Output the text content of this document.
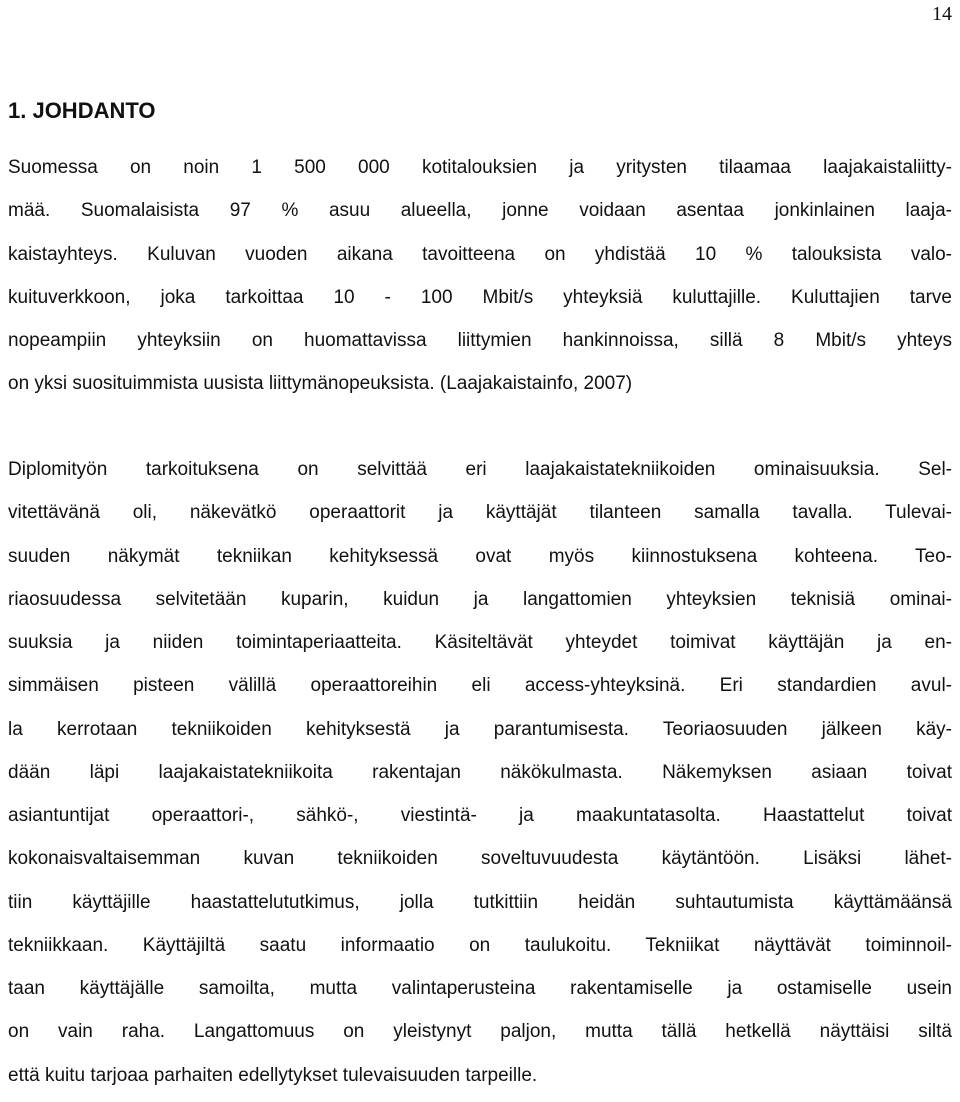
14
1. JOHDANTO
Suomessa on noin 1 500 000 kotitalouksien ja yritysten tilaamaa laajakaistaliitty-
mää. Suomalaisista 97 % asuu alueella, jonne voidaan asentaa jonkinlainen laaja-
kaistayhteys. Kuluvan vuoden aikana tavoitteena on yhdistää 10 % talouksista valo-
kuituverkkoon, joka tarkoittaa 10 - 100 Mbit/s yhteyksiä kuluttajille. Kuluttajien tarve
nopeampiin yhteyksiin on huomattavissa liittymien hankinnoissa, sillä 8 Mbit/s yhteys
on yksi suosituimmista uusista liittymänopeuksista. (Laajakaistainfo, 2007)
Diplomityön tarkoituksena on selvittää eri laajakaistatekniikoiden ominaisuuksia. Sel-
vitettävänä oli, näkevätkö operaattorit ja käyttäjät tilanteen samalla tavalla. Tulevai-
suuden näkymät tekniikan kehityksessä ovat myös kiinnostuksena kohteena. Teo-
riaosuudessa selvitetään kuparin, kuidun ja langattomien yhteyksien teknisiä ominai-
suuksia ja niiden toimintaperiaatteita. Käsiteltävät yhteydet toimivat käyttäjän ja en-
simmäisen pisteen välillä operaattoreihin eli access-yhteyksinä. Eri standardien avul-
la kerrotaan tekniikoiden kehityksestä ja parantumisesta. Teoriaosuuden jälkeen käy-
dään läpi laajakaistatekniikoita rakentajan näkökulmasta. Näkemyksen asiaan toivat
asiantuntijat operaattori-, sähkö-, viestintä- ja maakuntatasolta. Haastattelut toivat
kokonaisvaltaisemman kuvan tekniikoiden soveltuvuudesta käytäntöön. Lisäksi lähet-
tiin käyttäjille haastattelututkimus, jolla tutkittiin heidän suhtautumista käyttämäänsä
tekniikkaan. Käyttäjiltä saatu informaatio on taulukoitu. Tekniikat näyttävät toiminnoil-
taan käyttäjälle samoilta, mutta valintaperusteina rakentamiselle ja ostamiselle usein
on vain raha. Langattomuus on yleistynyt paljon, mutta tällä hetkellä näyttäisi siltä
että kuitu tarjoaa parhaiten edellytykset tulevaisuuden tarpeille.
